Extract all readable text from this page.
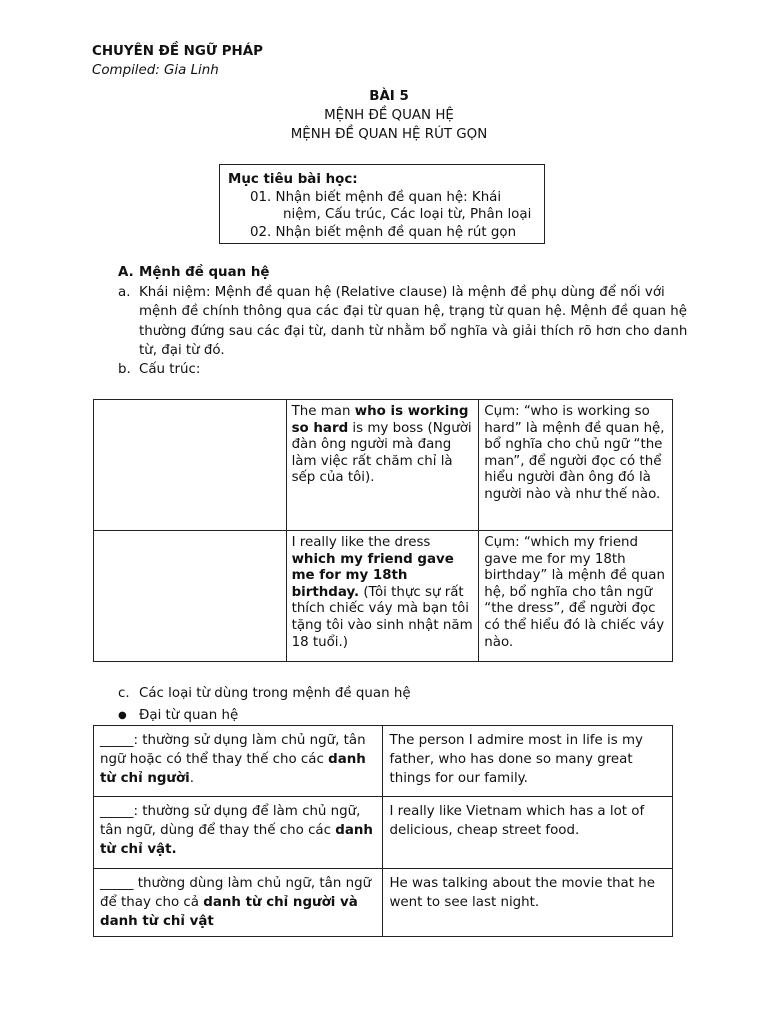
CHUYÊN ĐỀ NGỮ PHÁP
Compiled: Gia Linh
BÀI 5
MỆNH ĐỀ QUAN HỆ
MỆNH ĐỀ QUAN HỆ RÚT GỌN
Mục tiêu bài học:
01. Nhận biết mệnh đề quan hệ: Khái
niệm, Cấu trúc, Các loại từ, Phân loại
02. Nhận biết mệnh đề quan hệ rút gọn
A. Mệnh đề quan hệ
a. Khái niệm: Mệnh đề quan hệ (Relative clause) là mệnh đề phụ dùng để nối với mệnh đề chính thông qua các đại từ quan hệ, trạng từ quan hệ. Mệnh đề quan hệ thường đứng sau các đại từ, danh từ nhằm bổ nghĩa và giải thích rõ hơn cho danh từ, đại từ đó.
b. Cấu trúc:
	The man who is working so hard is my boss (Người đàn ông người mà đang làm việc rất chăm chỉ là sếp của tôi).	Cụm: “who is working so hard” là mệnh đề quan hệ, bổ nghĩa cho chủ ngữ “the man”, để người đọc có thể hiểu người đàn ông đó là người nào và như thế nào.
	I really like the dress which my friend gave me for my 18th birthday. (Tôi thực sự rất thích chiếc váy mà bạn tôi tặng tôi vào sinh nhật năm 18 tuổi.)	Cụm: “which my friend gave me for my 18th birthday” là mệnh đề quan hệ, bổ nghĩa cho tân ngữ “the dress”, để người đọc có thể hiểu đó là chiếc váy nào.
c. Các loại từ dùng trong mệnh đề quan hệ
● Đại từ quan hệ
_____: thường sử dụng làm chủ ngữ, tân ngữ hoặc có thể thay thế cho các danh từ chỉ người.	The person I admire most in life is my father, who has done so many great things for our family.
_____: thường sử dụng để làm chủ ngữ, tân ngữ, dùng để thay thế cho các danh từ chỉ vật.	I really like Vietnam which has a lot of delicious, cheap street food.
_____ thường dùng làm chủ ngữ, tân ngữ để thay cho cả danh từ chỉ người và danh từ chỉ vật	He was talking about the movie that he went to see last night.
